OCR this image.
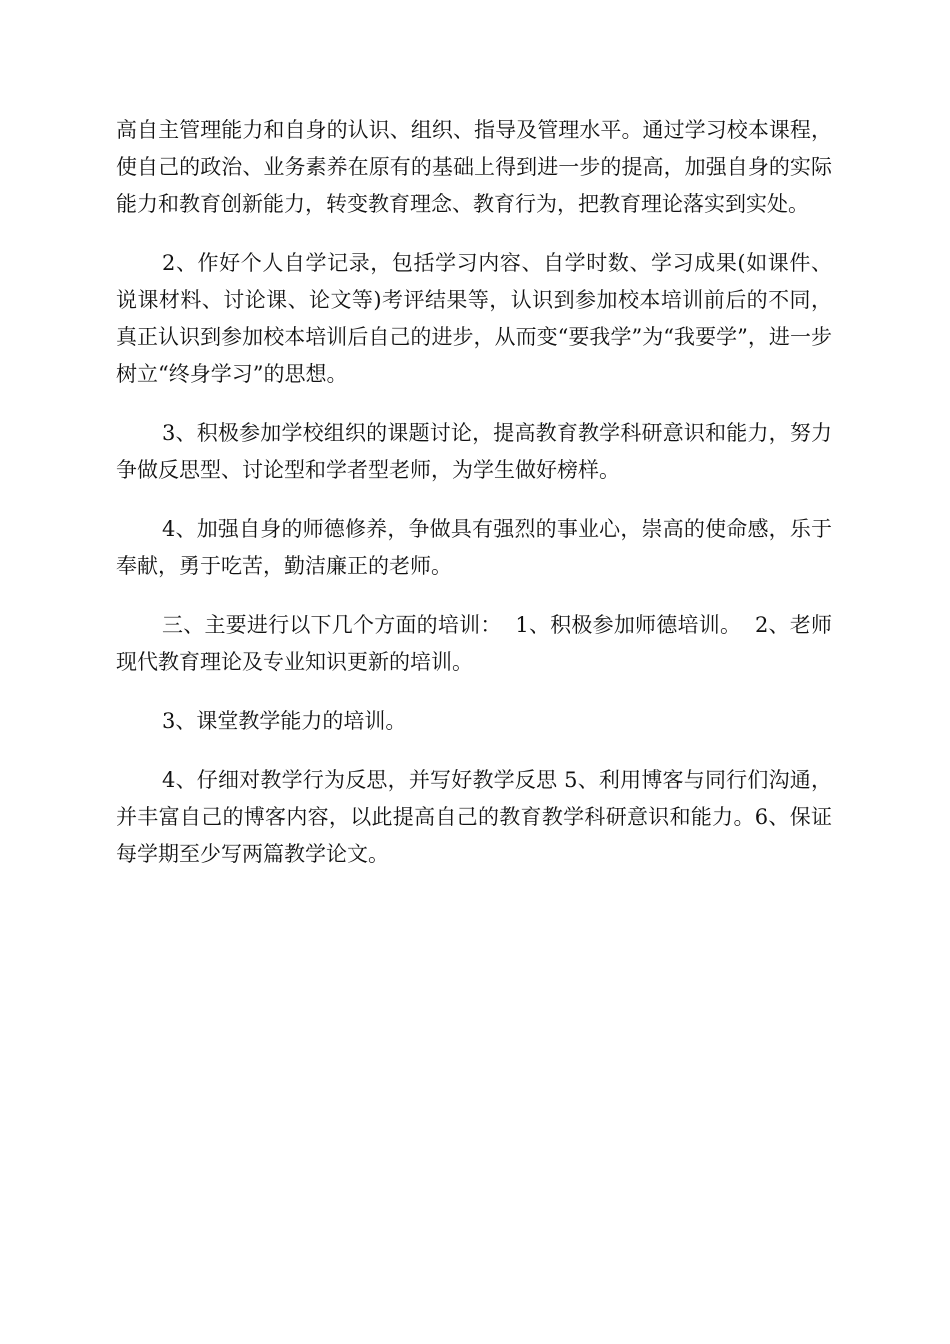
高自主管理能力和自身的认识、组织、指导及管理水平。通过学习校本课程，使自己的政治、业务素养在原有的基础上得到进一步的提高，加强自身的实际能力和教育创新能力，转变教育理念、教育行为，把教育理论落实到实处。

2、作好个人自学记录，包括学习内容、自学时数、学习成果(如课件、说课材料、讨论课、论文等)考评结果等，认识到参加校本培训前后的不同，真正认识到参加校本培训后自己的进步，从而变“要我学”为“我要学”，进一步树立“终身学习”的思想。

3、积极参加学校组织的课题讨论，提高教育教学科研意识和能力，努力争做反思型、讨论型和学者型老师，为学生做好榜样。

4、加强自身的师德修养，争做具有强烈的事业心，崇高的使命感，乐于奉献，勇于吃苦，勤洁廉正的老师。

三、主要进行以下几个方面的培训：  1、积极参加师德培训。  2、老师现代教育理论及专业知识更新的培训。

3、课堂教学能力的培训。

4、仔细对教学行为反思，并写好教学反思 5、利用博客与同行们沟通，并丰富自己的博客内容，以此提高自己的教育教学科研意识和能力。6、保证每学期至少写两篇教学论文。
